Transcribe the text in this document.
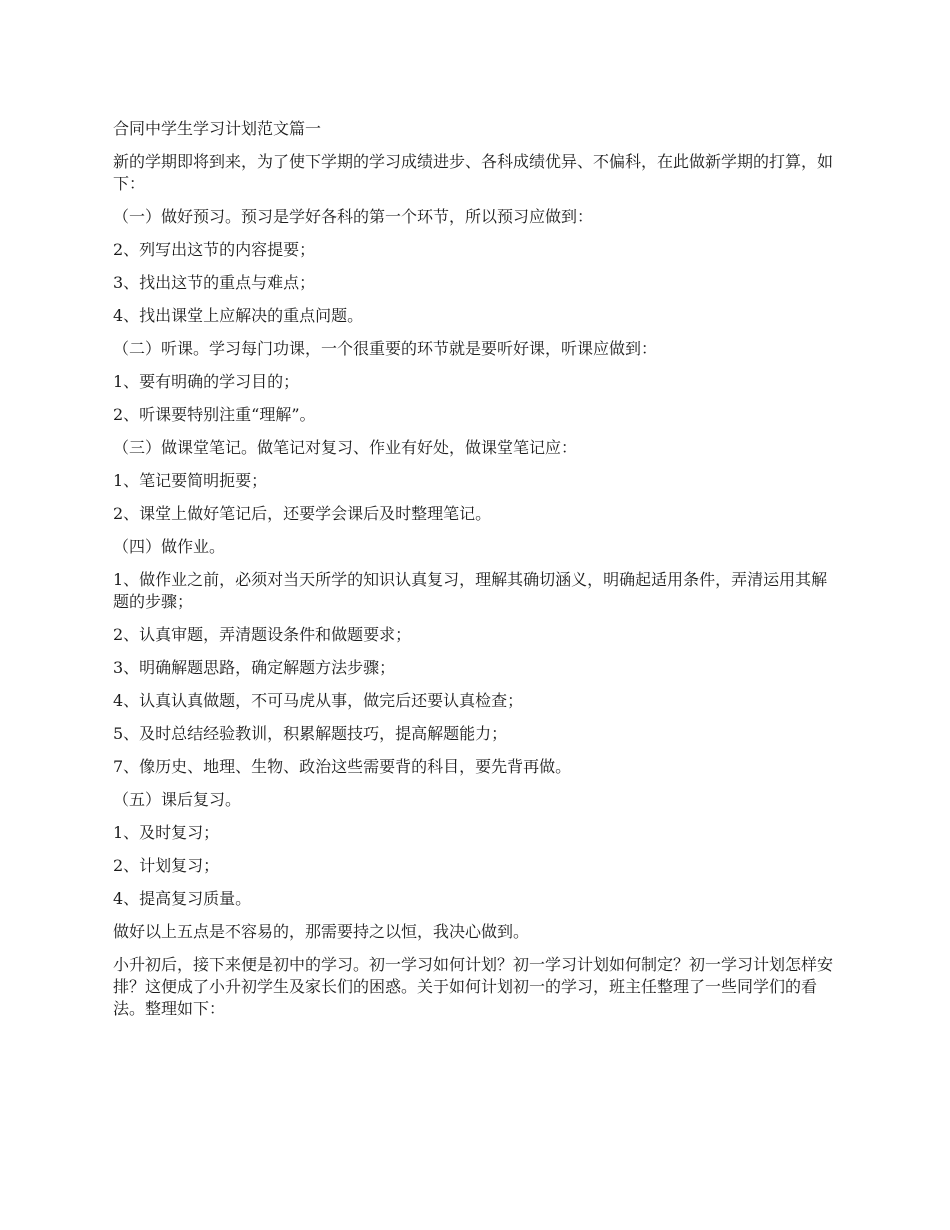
合同中学生学习计划范文篇一

新的学期即将到来，为了使下学期的学习成绩进步、各科成绩优异、不偏科，在此做新学期的打算，如下：

（一）做好预习。预习是学好各科的第一个环节，所以预习应做到：

2、列写出这节的内容提要；

3、找出这节的重点与难点；

4、找出课堂上应解决的重点问题。

（二）听课。学习每门功课，一个很重要的环节就是要听好课，听课应做到：

1、要有明确的学习目的；

2、听课要特别注重“理解”。

（三）做课堂笔记。做笔记对复习、作业有好处，做课堂笔记应：

1、笔记要简明扼要；

2、课堂上做好笔记后，还要学会课后及时整理笔记。

（四）做作业。

1、做作业之前，必须对当天所学的知识认真复习，理解其确切涵义，明确起适用条件，弄清运用其解题的步骤；

2、认真审题，弄清题设条件和做题要求；

3、明确解题思路，确定解题方法步骤；

4、认真认真做题，不可马虎从事，做完后还要认真检查；

5、及时总结经验教训，积累解题技巧，提高解题能力；

7、像历史、地理、生物、政治这些需要背的科目，要先背再做。

（五）课后复习。

1、及时复习；

2、计划复习；

4、提高复习质量。

做好以上五点是不容易的，那需要持之以恒，我决心做到。

小升初后，接下来便是初中的学习。初一学习如何计划？初一学习计划如何制定？初一学习计划怎样安排？这便成了小升初学生及家长们的困惑。关于如何计划初一的学习，班主任整理了一些同学们的看法。整理如下：
